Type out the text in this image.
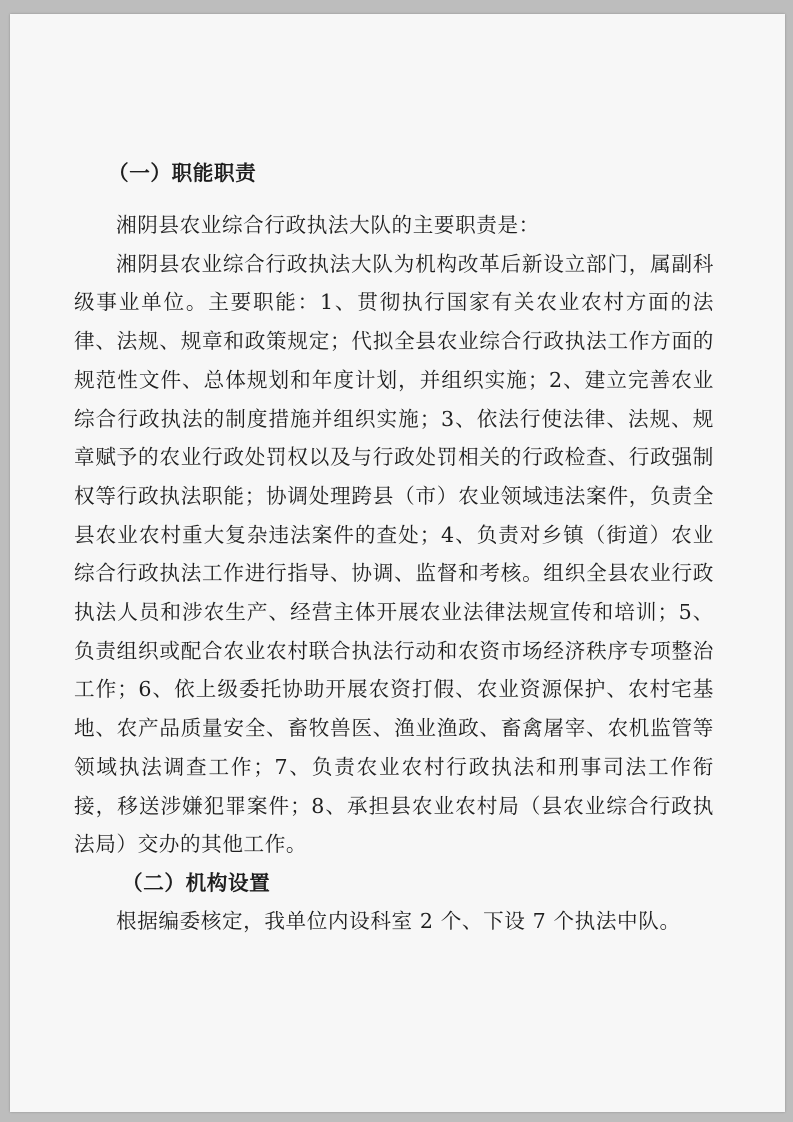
（一）职能职责

湘阴县农业综合行政执法大队的主要职责是：

湘阴县农业综合行政执法大队为机构改革后新设立部门，属副科级事业单位。主要职能：1、贯彻执行国家有关农业农村方面的法律、法规、规章和政策规定；代拟全县农业综合行政执法工作方面的规范性文件、总体规划和年度计划，并组织实施；2、建立完善农业综合行政执法的制度措施并组织实施；3、依法行使法律、法规、规章赋予的农业行政处罚权以及与行政处罚相关的行政检查、行政强制权等行政执法职能；协调处理跨县（市）农业领域违法案件，负责全县农业农村重大复杂违法案件的查处；4、负责对乡镇（街道）农业综合行政执法工作进行指导、协调、监督和考核。组织全县农业行政执法人员和涉农生产、经营主体开展农业法律法规宣传和培训；5、负责组织或配合农业农村联合执法行动和农资市场经济秩序专项整治工作；6、依上级委托协助开展农资打假、农业资源保护、农村宅基地、农产品质量安全、畜牧兽医、渔业渔政、畜禽屠宰、农机监管等领域执法调查工作；7、负责农业农村行政执法和刑事司法工作衔接，移送涉嫌犯罪案件；8、承担县农业农村局（县农业综合行政执法局）交办的其他工作。

（二）机构设置

根据编委核定，我单位内设科室 2 个、下设 7 个执法中队。
